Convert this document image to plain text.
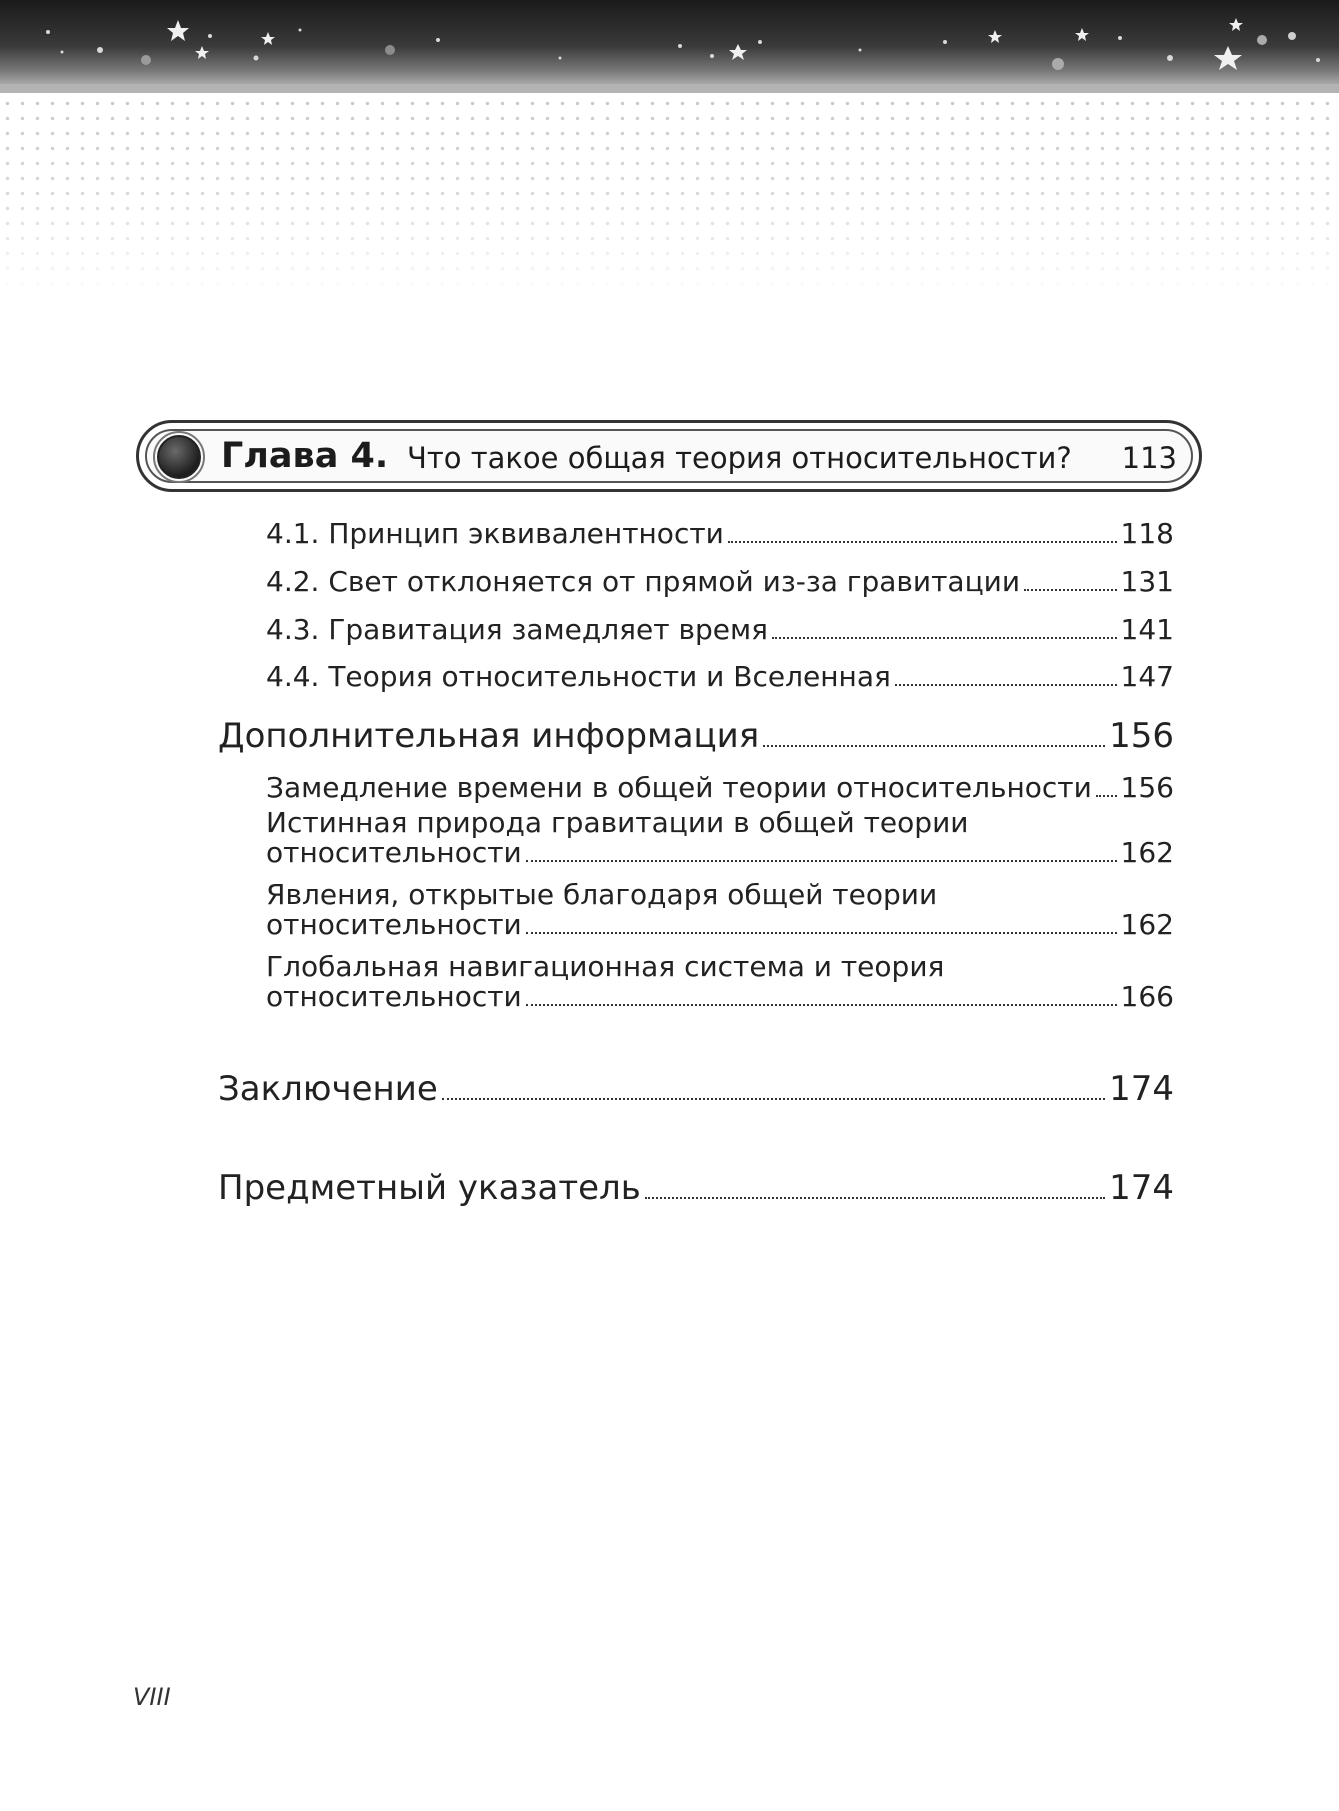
Глава 4. Что такое общая теория относительности? 113
4.1. Принцип эквивалентности	118
4.2. Свет отклоняется от прямой из-за гравитации	131
4.3. Гравитация замедляет время	141
4.4. Теория относительности и Вселенная	147
Дополнительная информация	156
Замедление времени в общей теории относительности 156
Истинная природа гравитации в общей теории
относительности	162
Явления, открытые благодаря общей теории
относительности	162
Глобальная навигационная система и теория
относительности	166
Заключение	174
Предметный указатель	174
VIII
